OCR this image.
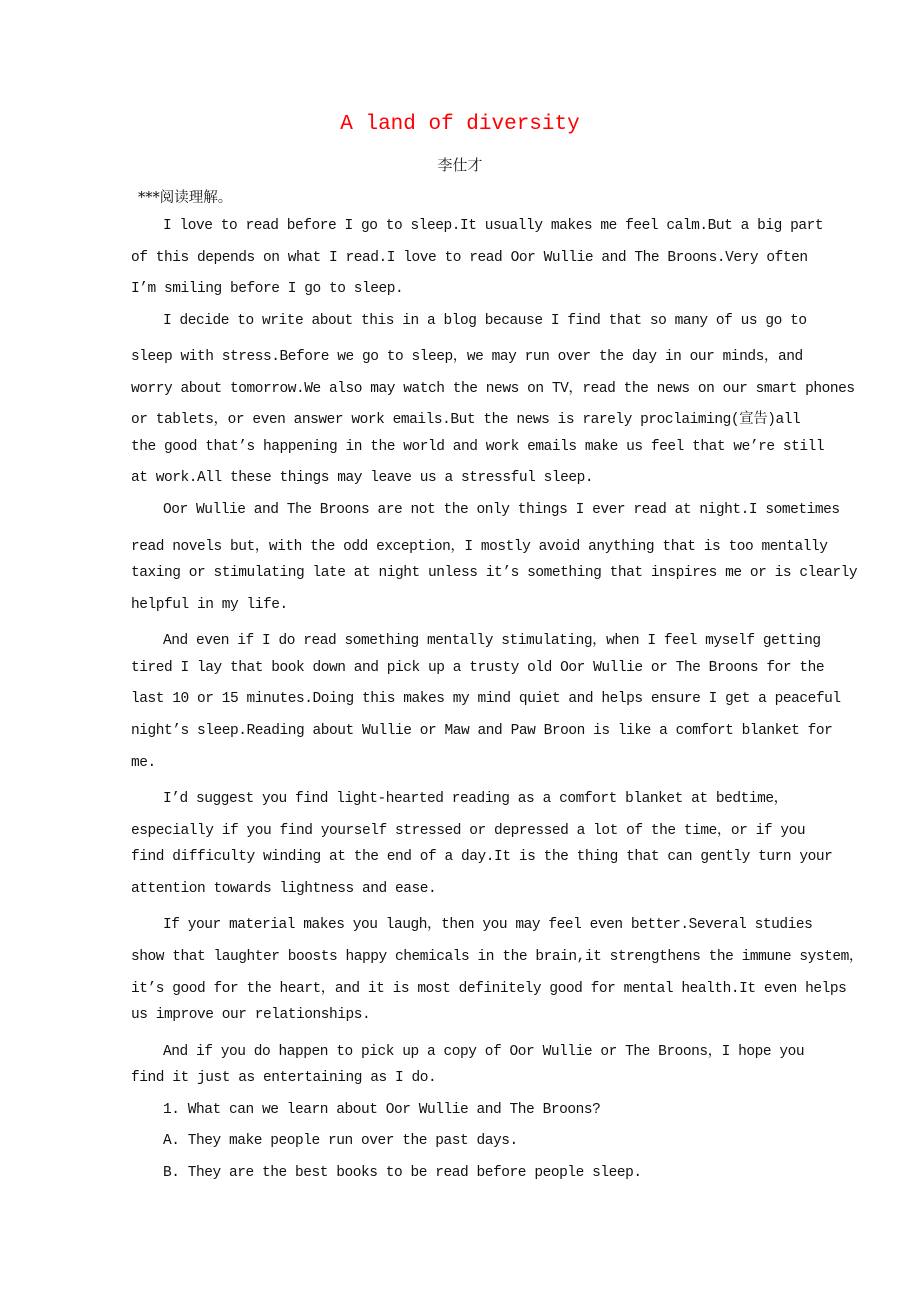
A land of diversity
李仕才
***阅读理解。
I love to read before I go to sleep.It usually makes me feel calm.But a big part
of this depends on what I read.I love to read Oor Wullie and The Broons.Very often
I’m smiling before I go to sleep.
I decide to write about this in a blog because I find that so many of us go to
sleep with stress.Before we go to sleep，we may run over the day in our minds，and
worry about tomorrow.We also may watch the news on TV，read the news on our smart phones
or tablets，or even answer work emails.But the news is rarely proclaiming(宣告)all
the good that’s happening in the world and work emails make us feel that we’re still
at work.All these things may leave us a stressful sleep.
Oor Wullie and The Broons are not the only things I ever read at night.I sometimes
read novels but，with the odd exception，I mostly avoid anything that is too mentally
taxing or stimulating late at night unless it’s something that inspires me or is clearly
helpful in my life.
And even if I do read something mentally stimulating，when I feel myself getting
tired I lay that book down and pick up a trusty old Oor Wullie or The Broons for the
last 10 or 15 minutes.Doing this makes my mind quiet and helps ensure I get a peaceful
night’s sleep.Reading about Wullie or Maw and Paw Broon is like a comfort blanket for
me.
I’d suggest you find light-hearted reading as a comfort blanket at bedtime，
especially if you find yourself stressed or depressed a lot of the time，or if you
find difficulty winding at the end of a day.It is the thing that can gently turn your
attention towards lightness and ease.
If your material makes you laugh，then you may feel even better.Several studies
show that laughter boosts happy chemicals in the brain,it strengthens the immune system，
it’s good for the heart，and it is most definitely good for mental health.It even helps
us improve our relationships.
And if you do happen to pick up a copy of Oor Wullie or The Broons，I hope you
find it just as entertaining as I do.
1. What can we learn about Oor Wullie and The Broons?
A. They make people run over the past days.
B. They are the best books to be read before people sleep.
